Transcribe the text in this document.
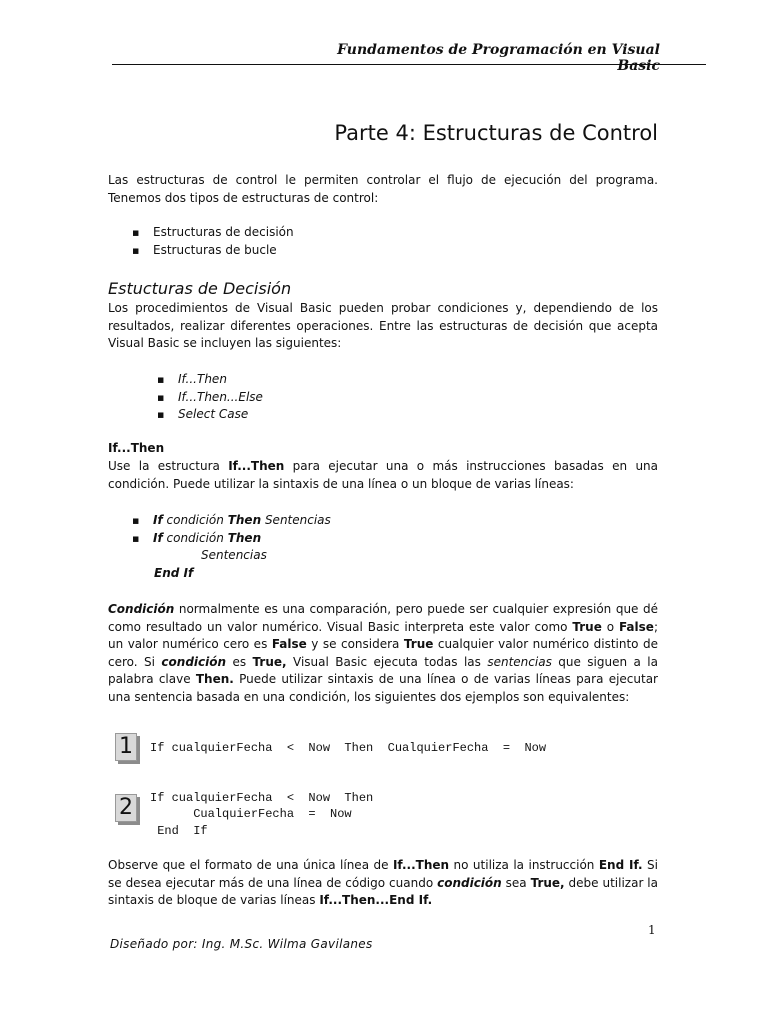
Fundamentos de Programación en Visual Basic
Parte 4: Estructuras de Control
Las estructuras de control le permiten controlar el flujo de ejecución del programa. Tenemos dos tipos de estructuras de control:
▪ Estructuras de decisión
▪ Estructuras de bucle
Estucturas de Decisión
Los procedimientos de Visual Basic pueden probar condiciones y, dependiendo de los resultados, realizar diferentes operaciones. Entre las estructuras de decisión que acepta Visual Basic se incluyen las siguientes:
▪ If...Then
▪ If...Then...Else
▪ Select Case
If...Then
Use la estructura If...Then para ejecutar una o más instrucciones basadas en una condición. Puede utilizar la sintaxis de una línea o un bloque de varias líneas:
▪ If condición Then Sentencias
▪ If condición Then
Sentencias
End If
Condición normalmente es una comparación, pero puede ser cualquier expresión que dé como resultado un valor numérico. Visual Basic interpreta este valor como True o False; un valor numérico cero es False y se considera True cualquier valor numérico distinto de cero. Si condición es True, Visual Basic ejecuta todas las sentencias que siguen a la palabra clave Then. Puede utilizar sintaxis de una línea o de varias líneas para ejecutar una sentencia basada en una condición, los siguientes dos ejemplos son equivalentes:
1	If cualquierFecha  <  Now  Then  CualquierFecha  =  Now
2	If cualquierFecha  <  Now  Then
CualquierFecha  =  Now
End  If
Observe que el formato de una única línea de If...Then no utiliza la instrucción End If. Si se desea ejecutar más de una línea de código cuando condición sea True, debe utilizar la sintaxis de bloque de varias líneas If...Then...End If.
1
Diseñado por: Ing. M.Sc. Wilma Gavilanes
